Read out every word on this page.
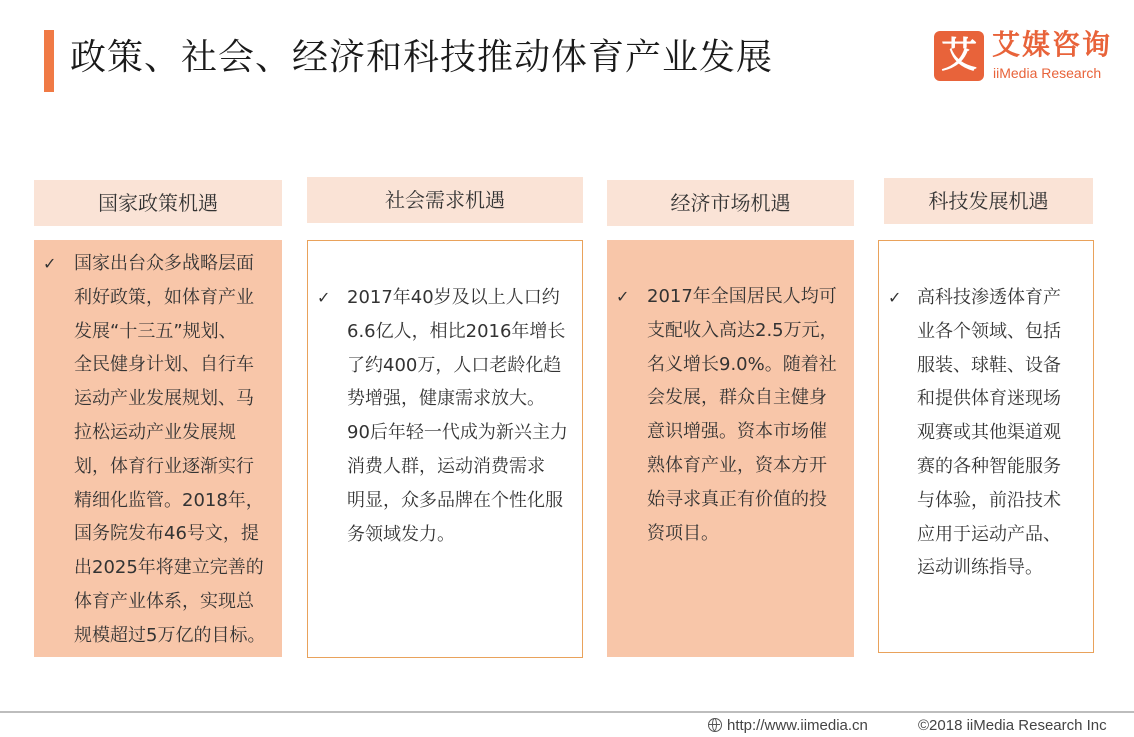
政策、社会、经济和科技推动体育产业发展	艾 艾媒咨询
iiMedia Research
国家政策机遇
✓ 国家出台众多战略层面
利好政策，如体育产业
发展“十三五”规划、
全民健身计划、自行车
运动产业发展规划、马
拉松运动产业发展规
划，体育行业逐渐实行
精细化监管。2018年，
国务院发布46号文，提
出2025年将建立完善的
体育产业体系，实现总
规模超过5万亿的目标。
社会需求机遇
✓ 2017年40岁及以上人口约
6.6亿人，相比2016年增长
了约400万，人口老龄化趋
势增强，健康需求放大。
90后年轻一代成为新兴主力
消费人群，运动消费需求
明显，众多品牌在个性化服
务领域发力。
经济市场机遇
✓ 2017年全国居民人均可
支配收入高达2.5万元，
名义增长9.0%。随着社
会发展，群众自主健身
意识增强。资本市场催
熟体育产业，资本方开
始寻求真正有价值的投
资项目。
科技发展机遇
✓ 高科技渗透体育产
业各个领域、包括
服装、球鞋、设备
和提供体育迷现场
观赛或其他渠道观
赛的各种智能服务
与体验，前沿技术
应用于运动产品、
运动训练指导。
http://www.iimedia.cn	©2018 iiMedia Research Inc
